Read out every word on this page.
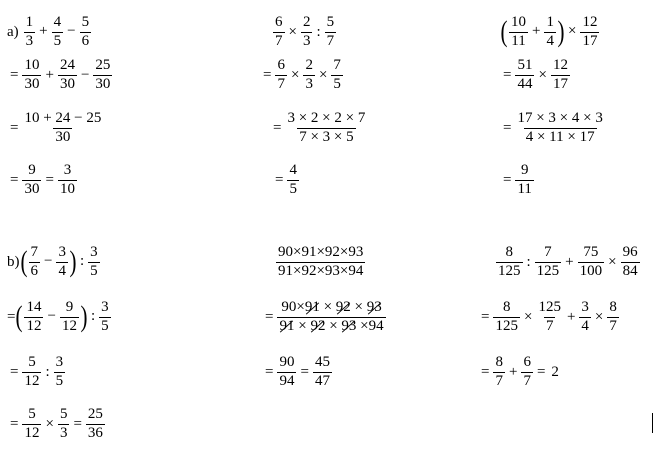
$a) \frac{1}{3} + \frac{4}{5} - \frac{5}{6}$
= $\frac{10}{30} + \frac{24}{30} - \frac{25}{30}$
= $\frac{10 + 24 - 25}{30}$
= $\frac{9}{30} = \frac{3}{10}$
$\frac{6}{7} \times \frac{2}{3}$ : $\frac{5}{7}$
= $\frac{6}{7} \times \frac{2}{3} \times \frac{7}{5}$
= $\frac{3 \times 2 \times 2 \times 7}{7 \times 3 \times 5}$
= $\frac{4}{5}$
( $\frac{10}{11} + \frac{1}{4}$ ) × $\frac{12}{17}$
= $\frac{51}{44} \times \frac{12}{17}$
= $\frac{17 \times 3 \times 4 \times 3}{4 \times 11 \times 17}$
= $\frac{9}{11}$
b) ( $\frac{7}{6} - \frac{3}{4}$ ) : $\frac{3}{5}$
= ( $\frac{14}{12} - \frac{9}{12}$ ) : $\frac{3}{5}$
= $\frac{5}{12}$ : $\frac{3}{5}$
= $\frac{5}{12} \times \frac{5}{3} = \frac{25}{36}$
$\frac{90\times 91\times 92\times 93}{91\times 92\times 93\times 94}$
= $\frac{90\times 91 \times 92 \times 93}{91 \times 92 \times 93 \times 94}$
= $\frac{90}{94} = \frac{45}{47}$
$\frac{8}{125}$ : $\frac{7}{125} + \frac{75}{100} \times \frac{96}{84}$
= $\frac{8}{125} \times \frac{125}{7} + \frac{3}{4} \times \frac{8}{7}$
= $\frac{8}{7} + \frac{6}{7} = 2$
